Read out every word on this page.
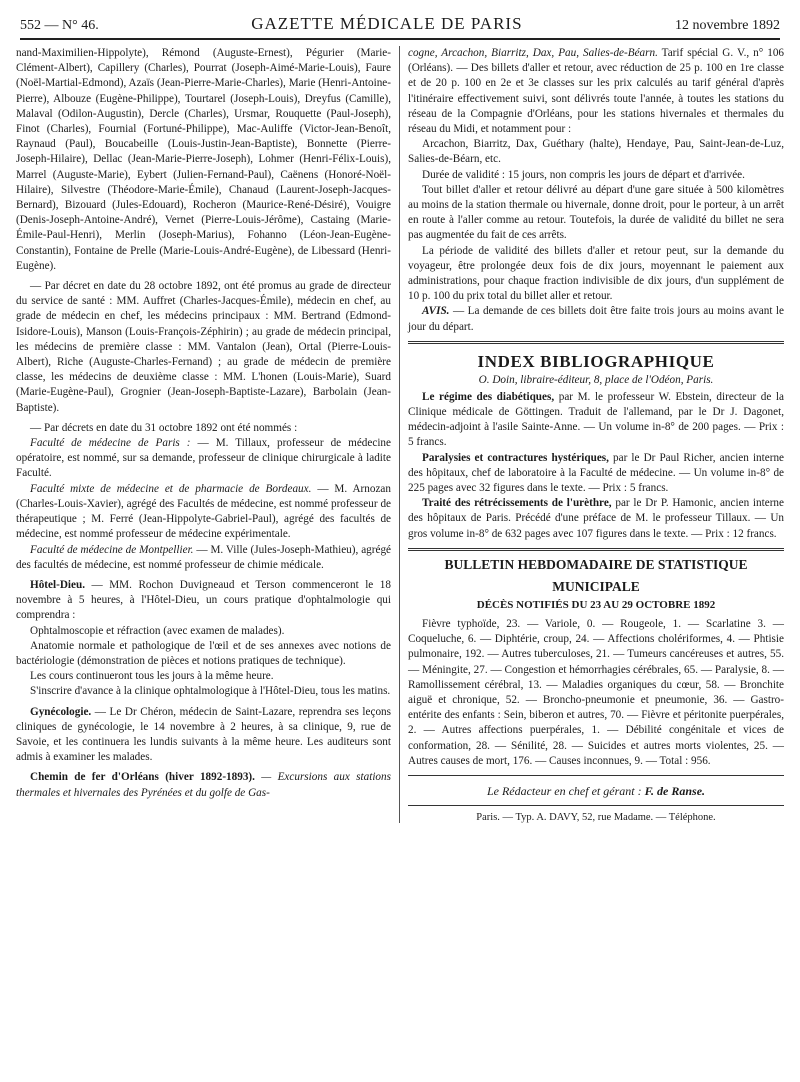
552 — N° 46.	GAZETTE MÉDICALE DE PARIS	12 novembre 1892

nand-Maximilien-Hippolyte), Rémond (Auguste-Ernest), Pégurier (Marie-Clément-Albert), Capillery (Charles), Pourrat (Joseph-Aimé-Marie-Louis), Faure (Noël-Martial-Edmond), Azaïs (Jean-Pierre-Marie-Charles), Marie (Henri-Antoine-Pierre), Albouze (Eugène-Philippe), Tourtarel (Joseph-Louis), Dreyfus (Camille), Malaval (Odilon-Augustin), Dercle (Charles), Ursmar, Rouquette (Paul-Joseph), Finot (Charles), Fournial (Fortuné-Philippe), Mac-Auliffe (Victor-Jean-Benoît, Raynaud (Paul), Boucabeille (Louis-Justin-Jean-Baptiste), Bonnette (Pierre-Joseph-Hilaire), Dellac (Jean-Marie-Pierre-Joseph), Lohmer (Henri-Félix-Louis), Marrel (Auguste-Marie), Eybert (Julien-Fernand-Paul), Caënens (Honoré-Noël-Hilaire), Silvestre (Théodore-Marie-Émile), Chanaud (Laurent-Joseph-Jacques-Bernard), Bizouard (Jules-Edouard), Rocheron (Maurice-René-Désiré), Vouigre (Denis-Joseph-Antoine-André), Vernet (Pierre-Louis-Jérôme), Castaing (Marie-Émile-Paul-Henri), Merlin (Joseph-Marius), Fohanno (Léon-Jean-Eugène-Constantin), Fontaine de Prelle (Marie-Louis-André-Eugène), de Libessard (Henri-Eugène).

— Par décret en date du 28 octobre 1892, ont été promus au grade de directeur du service de santé : MM. Auffret (Charles-Jacques-Émile), médecin en chef, au grade de médecin en chef, les médecins principaux : MM. Bertrand (Edmond-Isidore-Louis), Manson (Louis-François-Zéphirin) ; au grade de médecin principal, les médecins de première classe : MM. Vantalon (Jean), Ortal (Pierre-Louis-Albert), Riche (Auguste-Charles-Fernand) ; au grade de médecin de première classe, les médecins de deuxième classe : MM. L'honen (Louis-Marie), Suard (Marie-Eugène-Paul), Grognier (Jean-Joseph-Baptiste-Lazare), Barbolain (Jean-Baptiste).

— Par décrets en date du 31 octobre 1892 ont été nommés :

Faculté de médecine de Paris : — M. Tillaux, professeur de médecine opératoire, est nommé, sur sa demande, professeur de clinique chirurgicale à ladite Faculté.

Faculté mixte de médecine et de pharmacie de Bordeaux. — M. Arnozan (Charles-Louis-Xavier), agrégé des Facultés de médecine, est nommé professeur de thérapeutique ; M. Ferré (Jean-Hippolyte-Gabriel-Paul), agrégé des facultés de médecine, est nommé professeur de médecine expérimentale.

Faculté de médecine de Montpellier. — M. Ville (Jules-Joseph-Mathieu), agrégé des facultés de médecine, est nommé professeur de chimie médicale.

Hôtel-Dieu. — MM. Rochon Duvigneaud et Terson commenceront le 18 novembre à 5 heures, à l'Hôtel-Dieu, un cours pratique d'ophtalmologie qui comprendra :

Ophtalmoscopie et réfraction (avec examen de malades).

Anatomie normale et pathologique de l'œil et de ses annexes avec notions de bactériologie (démonstration de pièces et notions pratiques de technique).

Les cours continueront tous les jours à la même heure.

S'inscrire d'avance à la clinique ophtalmologique à l'Hôtel-Dieu, tous les matins.

Gynécologie. — Le Dr Chéron, médecin de Saint-Lazare, reprendra ses leçons cliniques de gynécologie, le 14 novembre à 2 heures, à sa clinique, 9, rue de Savoie, et les continuera les lundis suivants à la même heure. Les auditeurs sont admis à examiner les malades.

Chemin de fer d'Orléans (hiver 1892-1893). — Excursions aux stations thermales et hivernales des Pyrénées et du golfe de Gas-

cogne, Arcachon, Biarritz, Dax, Pau, Salies-de-Béarn. Tarif spécial G. V., n° 106 (Orléans). — Des billets d'aller et retour, avec réduction de 25 p. 100 en 1re classe et de 20 p. 100 en 2e et 3e classes sur les prix calculés au tarif général d'après l'itinéraire effectivement suivi, sont délivrés toute l'année, à toutes les stations du réseau de la Compagnie d'Orléans, pour les stations hivernales et thermales du réseau du Midi, et notamment pour :

Arcachon, Biarritz, Dax, Guéthary (halte), Hendaye, Pau, Saint-Jean-de-Luz, Salies-de-Béarn, etc.

Durée de validité : 15 jours, non compris les jours de départ et d'arrivée.

Tout billet d'aller et retour délivré au départ d'une gare située à 500 kilomètres au moins de la station thermale ou hivernale, donne droit, pour le porteur, à un arrêt en route à l'aller comme au retour. Toutefois, la durée de validité du billet ne sera pas augmentée du fait de ces arrêts.

La période de validité des billets d'aller et retour peut, sur la demande du voyageur, être prolongée deux fois de dix jours, moyennant le paiement aux administrations, pour chaque fraction indivisible de dix jours, d'un supplément de 10 p. 100 du prix total du billet aller et retour.

AVIS. — La demande de ces billets doit être faite trois jours au moins avant le jour du départ.

INDEX BIBLIOGRAPHIQUE
O. Doin, libraire-éditeur, 8, place de l'Odéon, Paris.

Le régime des diabétiques, par M. le professeur W. Ebstein, directeur de la Clinique médicale de Göttingen. Traduit de l'allemand, par le Dr J. Dagonet, médecin-adjoint à l'asile Sainte-Anne. — Un volume in-8° de 200 pages. — Prix : 5 francs.

Paralysies et contractures hystériques, par le Dr Paul Richer, ancien interne des hôpitaux, chef de laboratoire à la Faculté de médecine. — Un volume in-8° de 225 pages avec 32 figures dans le texte. — Prix : 5 francs.

Traité des rétrécissements de l'urèthre, par le Dr P. Hamonic, ancien interne des hôpitaux de Paris. Précédé d'une préface de M. le professeur Tillaux. — Un gros volume in-8° de 632 pages avec 107 figures dans le texte. — Prix : 12 francs.

BULLETIN HEBDOMADAIRE DE STATISTIQUE
MUNICIPALE
DÉCÈS NOTIFIÉS DU 23 AU 29 OCTOBRE 1892

Fièvre typhoïde, 23. — Variole, 0. — Rougeole, 1. — Scarlatine 3. — Coqueluche, 6. — Diphtérie, croup, 24. — Affections cholériformes, 4. — Phtisie pulmonaire, 192. — Autres tuberculoses, 21. — Tumeurs cancéreuses et autres, 55. — Méningite, 27. — Congestion et hémorrhagies cérébrales, 65. — Paralysie, 8. — Ramollissement cérébral, 13. — Maladies organiques du cœur, 58. — Bronchite aiguë et chronique, 52. — Broncho-pneumonie et pneumonie, 36. — Gastro-entérite des enfants : Sein, biberon et autres, 70. — Fièvre et péritonite puerpérales, 2. — Autres affections puerpérales, 1. — Débilité congénitale et vices de conformation, 28. — Sénilité, 28. — Suicides et autres morts violentes, 25. — Autres causes de mort, 176. — Causes inconnues, 9. — Total : 956.

Le Rédacteur en chef et gérant : F. de Ranse.
Paris. — Typ. A. DAVY, 52, rue Madame. — Téléphone.
